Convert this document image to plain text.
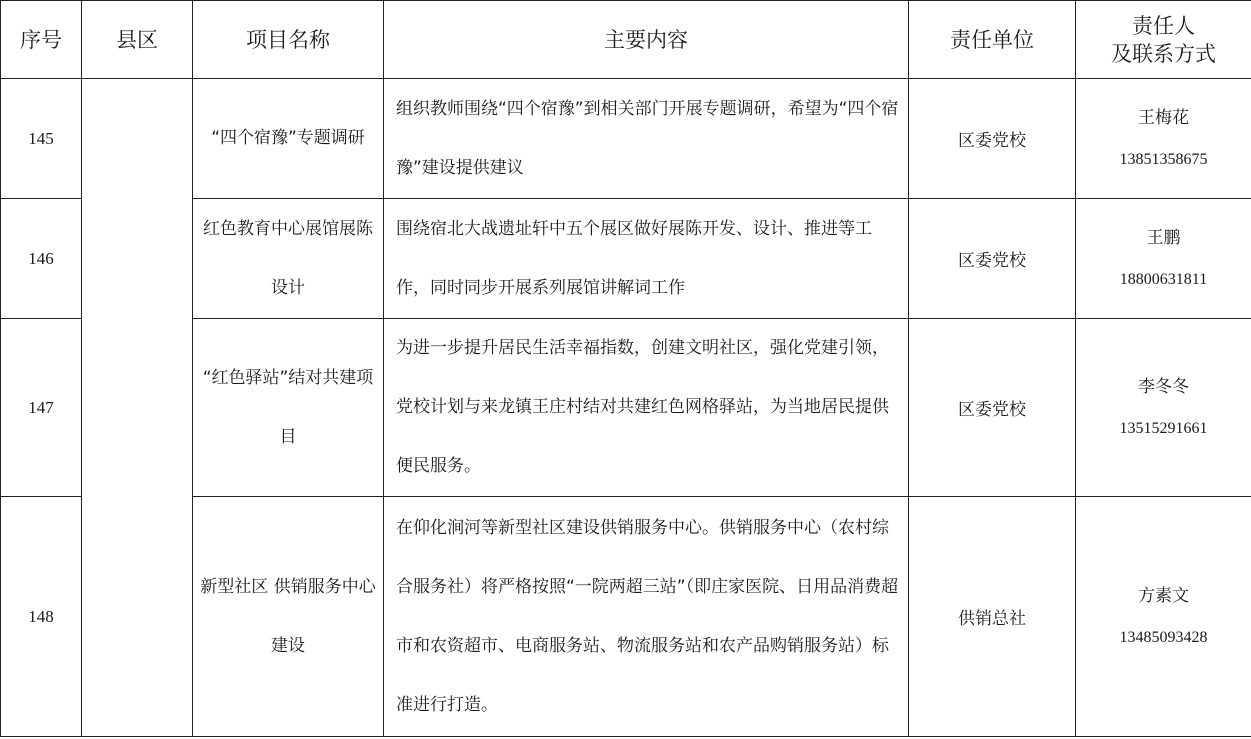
序号	县区	项目名称	主要内容	责任单位	责任人
及联系方式

145		“四个宿豫”专题调研	组织教师围绕“四个宿豫”到相关部门开展专题调研，希望为“四个宿豫”建设提供建议	区委党校	王梅花
13851358675

146		红色教育中心展馆展陈设计	围绕宿北大战遗址轩中五个展区做好展陈开发、设计、推进等工作，同时同步开展系列展馆讲解词工作	区委党校	王鹏
18800631811

147		“红色驿站”结对共建项目	为进一步提升居民生活幸福指数，创建文明社区，强化党建引领，党校计划与来龙镇王庄村结对共建红色网格驿站，为当地居民提供便民服务。	区委党校	李冬冬
13515291661

148		新型社区 供销服务中心建设	在仰化涧河等新型社区建设供销服务中心。供销服务中心（农村综合服务社）将严格按照“一院两超三站”（即庄家医院、日用品消费超市和农资超市、电商服务站、物流服务站和农产品购销服务站）标准进行打造。	供销总社	方素文
13485093428
